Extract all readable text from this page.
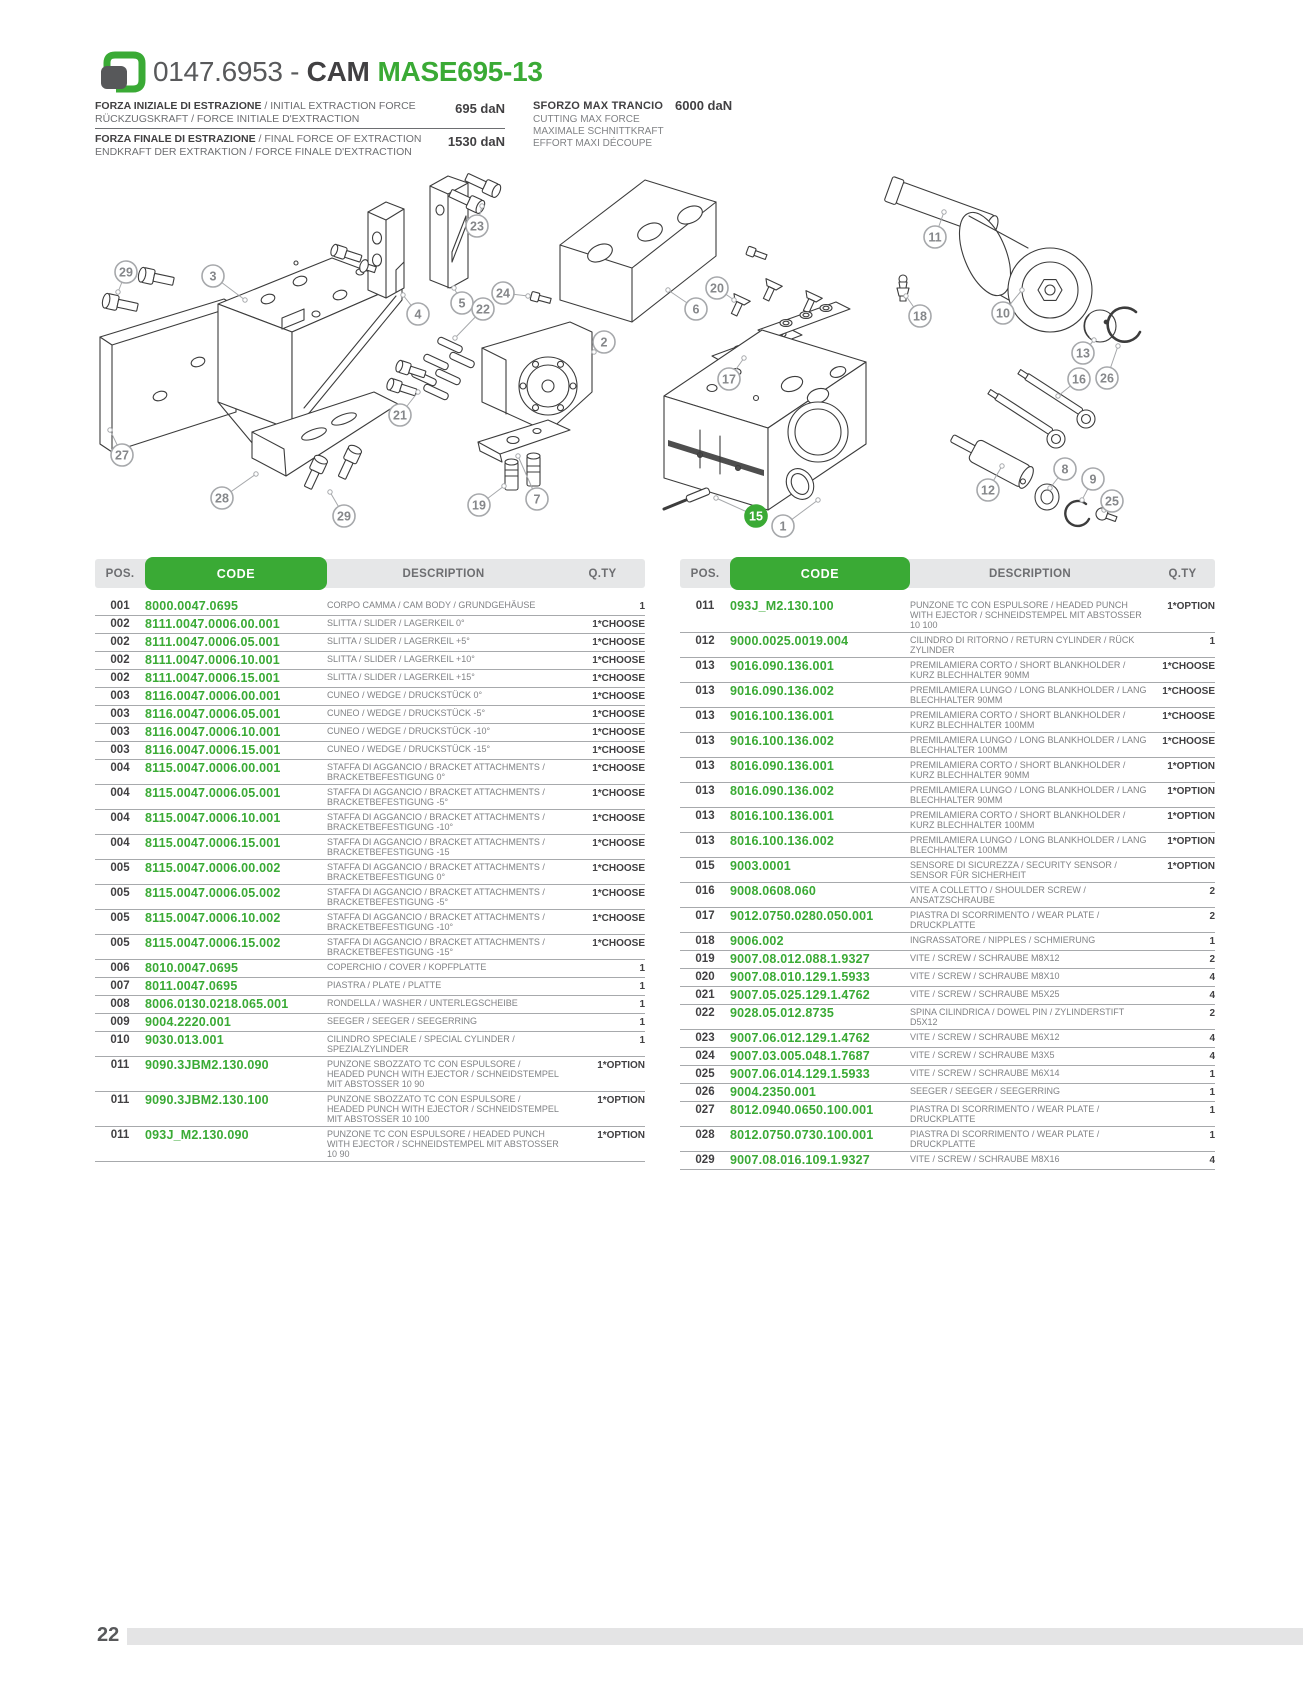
0147.6953 - CAM MASE695-13
FORZA INIZIALE DI ESTRAZIONE / INITIAL EXTRACTION FORCE
RÜCKZUGSKRAFT / FORCE INITIALE D'EXTRACTION
695 daN
FORZA FINALE DI ESTRAZIONE / FINAL FORCE OF EXTRACTION
ENDKRAFT DER EXTRAKTION / FORCE FINALE D'EXTRACTION
1530 daN
SFORZO MAX TRANCIO 6000 daN
CUTTING MAX FORCE
MAXIMALE SCHNITTKRAFT
EFFORT MAXI DÉCOUPE
29	3
23
24
5 22
4
2
21
27
28
29
19	7
6
20
17
15
1
11
18	10
13
16 26
12
8
9
25
POS.	CODE	DESCRIPTION	Q.TY
001	8000.0047.0695	CORPO CAMMA / CAM BODY / GRUNDGEHÄUSE	1
002	8111.0047.0006.00.001	SLITTA / SLIDER / LAGERKEIL 0°	1*CHOOSE
002	8111.0047.0006.05.001	SLITTA / SLIDER / LAGERKEIL +5°	1*CHOOSE
002	8111.0047.0006.10.001	SLITTA / SLIDER / LAGERKEIL +10°	1*CHOOSE
002	8111.0047.0006.15.001	SLITTA / SLIDER / LAGERKEIL +15°	1*CHOOSE
003	8116.0047.0006.00.001	CUNEO / WEDGE / DRUCKSTÜCK 0°	1*CHOOSE
003	8116.0047.0006.05.001	CUNEO / WEDGE / DRUCKSTÜCK -5°	1*CHOOSE
003	8116.0047.0006.10.001	CUNEO / WEDGE / DRUCKSTÜCK -10°	1*CHOOSE
003	8116.0047.0006.15.001	CUNEO / WEDGE / DRUCKSTÜCK -15°	1*CHOOSE
004	8115.0047.0006.00.001	STAFFA DI AGGANCIO / BRACKET ATTACHMENTS / BRACKETBEFESTIGUNG 0°	1*CHOOSE
004	8115.0047.0006.05.001	STAFFA DI AGGANCIO / BRACKET ATTACHMENTS / BRACKETBEFESTIGUNG -5°	1*CHOOSE
004	8115.0047.0006.10.001	STAFFA DI AGGANCIO / BRACKET ATTACHMENTS / BRACKETBEFESTIGUNG -10°	1*CHOOSE
004	8115.0047.0006.15.001	STAFFA DI AGGANCIO / BRACKET ATTACHMENTS / BRACKETBEFESTIGUNG -15	1*CHOOSE
005	8115.0047.0006.00.002	STAFFA DI AGGANCIO / BRACKET ATTACHMENTS / BRACKETBEFESTIGUNG 0°	1*CHOOSE
005	8115.0047.0006.05.002	STAFFA DI AGGANCIO / BRACKET ATTACHMENTS / BRACKETBEFESTIGUNG -5°	1*CHOOSE
005	8115.0047.0006.10.002	STAFFA DI AGGANCIO / BRACKET ATTACHMENTS / BRACKETBEFESTIGUNG -10°	1*CHOOSE
005	8115.0047.0006.15.002	STAFFA DI AGGANCIO / BRACKET ATTACHMENTS / BRACKETBEFESTIGUNG -15°	1*CHOOSE
006	8010.0047.0695	COPERCHIO / COVER / KOPFPLATTE	1
007	8011.0047.0695	PIASTRA / PLATE / PLATTE	1
008	8006.0130.0218.065.001	RONDELLA / WASHER / UNTERLEGSCHEIBE	1
009	9004.2220.001	SEEGER / SEEGER / SEEGERRING	1
010	9030.013.001	CILINDRO SPECIALE / SPECIAL CYLINDER / SPEZIALZYLINDER	1
011	9090.3JBM2.130.090	PUNZONE SBOZZATO TC CON ESPULSORE / HEADED PUNCH WITH EJECTOR / SCHNEIDSTEMPEL MIT ABSTOSSER 10 90	1*OPTION
011	9090.3JBM2.130.100	PUNZONE SBOZZATO TC CON ESPULSORE / HEADED PUNCH WITH EJECTOR / SCHNEIDSTEMPEL MIT ABSTOSSER 10 100	1*OPTION
011	093J_M2.130.090	PUNZONE TC CON ESPULSORE / HEADED PUNCH WITH EJECTOR / SCHNEIDSTEMPEL MIT ABSTOSSER 10 90	1*OPTION
POS.	CODE	DESCRIPTION	Q.TY
011	093J_M2.130.100	PUNZONE TC CON ESPULSORE / HEADED PUNCH WITH EJECTOR / SCHNEIDSTEMPEL MIT ABSTOSSER 10 100	1*OPTION
012	9000.0025.0019.004	CILINDRO DI RITORNO / RETURN CYLINDER / RÜCK ZYLINDER	1
013	9016.090.136.001	PREMILAMIERA CORTO / SHORT BLANKHOLDER / KURZ BLECHHALTER 90MM	1*CHOOSE
013	9016.090.136.002	PREMILAMIERA LUNGO / LONG BLANKHOLDER / LANG BLECHHALTER 90MM	1*CHOOSE
013	9016.100.136.001	PREMILAMIERA CORTO / SHORT BLANKHOLDER / KURZ BLECHHALTER 100MM	1*CHOOSE
013	9016.100.136.002	PREMILAMIERA LUNGO / LONG BLANKHOLDER / LANG BLECHHALTER 100MM	1*CHOOSE
013	8016.090.136.001	PREMILAMIERA CORTO / SHORT BLANKHOLDER / KURZ BLECHHALTER 90MM	1*OPTION
013	8016.090.136.002	PREMILAMIERA LUNGO / LONG BLANKHOLDER / LANG BLECHHALTER 90MM	1*OPTION
013	8016.100.136.001	PREMILAMIERA CORTO / SHORT BLANKHOLDER / KURZ BLECHHALTER 100MM	1*OPTION
013	8016.100.136.002	PREMILAMIERA LUNGO / LONG BLANKHOLDER / LANG BLECHHALTER 100MM	1*OPTION
015	9003.0001	SENSORE DI SICUREZZA / SECURITY SENSOR / SENSOR FÜR SICHERHEIT	1*OPTION
016	9008.0608.060	VITE A COLLETTO / SHOULDER SCREW / ANSATZSCHRAUBE	2
017	9012.0750.0280.050.001	PIASTRA DI SCORRIMENTO / WEAR PLATE / DRUCKPLATTE	2
018	9006.002	INGRASSATORE / NIPPLES / SCHMIERUNG	1
019	9007.08.012.088.1.9327	VITE / SCREW / SCHRAUBE M8X12	2
020	9007.08.010.129.1.5933	VITE / SCREW / SCHRAUBE M8X10	4
021	9007.05.025.129.1.4762	VITE / SCREW / SCHRAUBE M5X25	4
022	9028.05.012.8735	SPINA CILINDRICA / DOWEL PIN / ZYLINDERSTIFT D5X12	2
023	9007.06.012.129.1.4762	VITE / SCREW / SCHRAUBE M6X12	4
024	9007.03.005.048.1.7687	VITE / SCREW / SCHRAUBE M3X5	4
025	9007.06.014.129.1.5933	VITE / SCREW / SCHRAUBE M6X14	1
026	9004.2350.001	SEEGER / SEEGER / SEEGERRING	1
027	8012.0940.0650.100.001	PIASTRA DI SCORRIMENTO / WEAR PLATE / DRUCKPLATTE	1
028	8012.0750.0730.100.001	PIASTRA DI SCORRIMENTO / WEAR PLATE / DRUCKPLATTE	1
029	9007.08.016.109.1.9327	VITE / SCREW / SCHRAUBE M8X16	4
22
